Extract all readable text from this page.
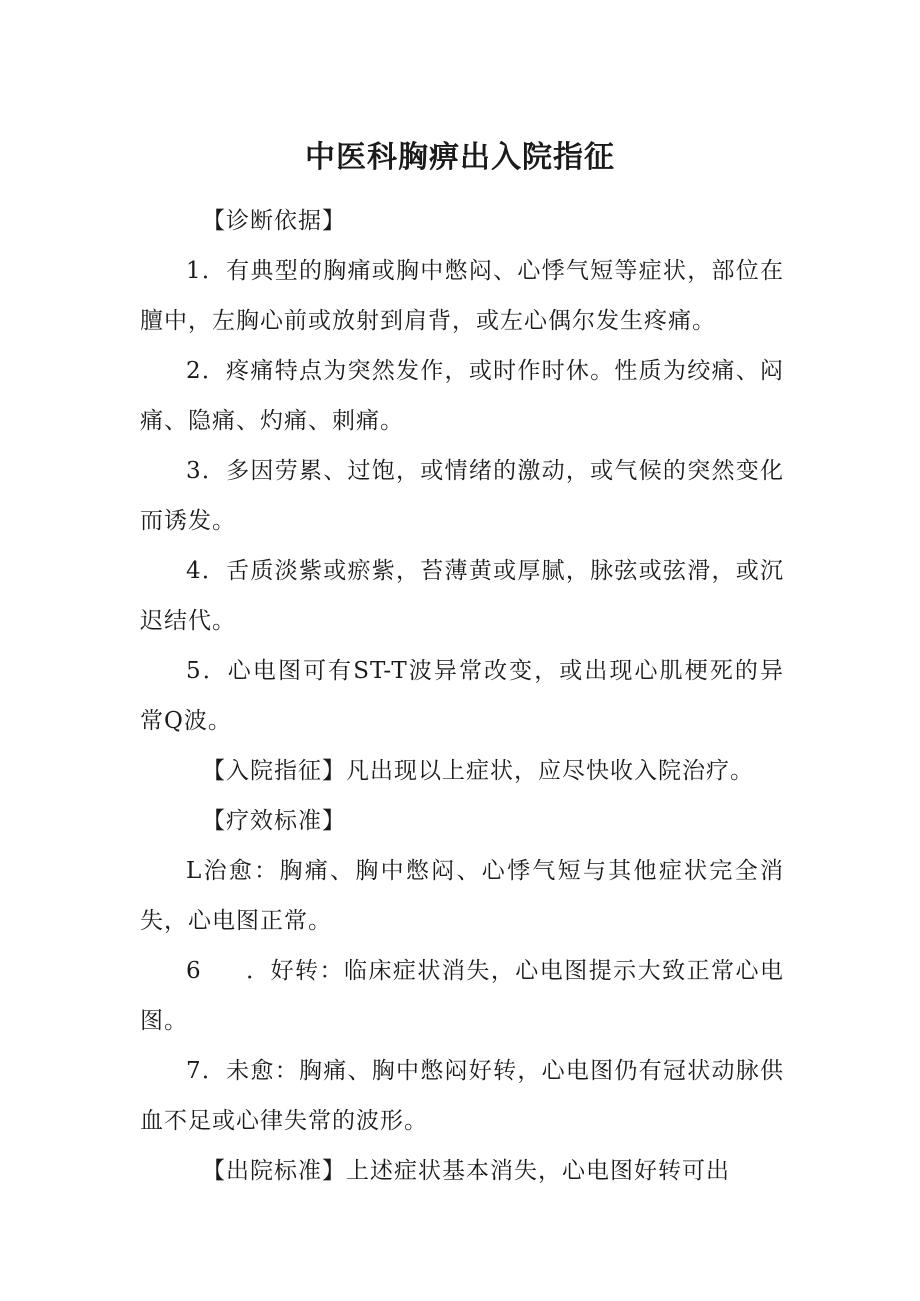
中医科胸痹出入院指征

【诊断依据】

1．有典型的胸痛或胸中憋闷、心悸气短等症状，部位在膻中，左胸心前或放射到肩背，或左心偶尔发生疼痛。

2．疼痛特点为突然发作，或时作时休。性质为绞痛、闷痛、隐痛、灼痛、刺痛。

3．多因劳累、过饱，或情绪的激动，或气候的突然变化而诱发。

4．舌质淡紫或瘀紫，苔薄黄或厚腻，脉弦或弦滑，或沉迟结代。

5．心电图可有ST-T波异常改变，或出现心肌梗死的异常Q波。

【入院指征】凡出现以上症状，应尽快收入院治疗。

【疗效标准】

L治愈：胸痛、胸中憋闷、心悸气短与其他症状完全消失，心电图正常。

6 ．好转：临床症状消失，心电图提示大致正常心电图。

7．未愈：胸痛、胸中憋闷好转，心电图仍有冠状动脉供血不足或心律失常的波形。

【出院标准】上述症状基本消失，心电图好转可出
